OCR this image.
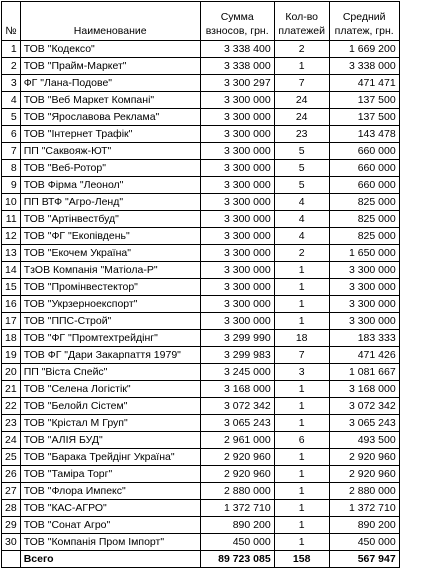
№	Наименование	Сумма взносов, грн.	Кол-во платежей	Средний платеж, грн.
1	ТОВ "Кодексо"	3 338 400	2	1 669 200
2	ТОВ "Прайм-Маркет"	3 338 000	1	3 338 000
3	ФГ "Лана-Подове"	3 300 297	7	471 471
4	ТОВ "Веб Маркет Компані"	3 300 000	24	137 500
5	ТОВ "Ярославова Реклама"	3 300 000	24	137 500
6	ТОВ "Інтернет Трафік"	3 300 000	23	143 478
7	ПП "Саквояж-ЮТ"	3 300 000	5	660 000
8	ТОВ "Веб-Ротор"	3 300 000	5	660 000
9	ТОВ Фірма "Леонол"	3 300 000	5	660 000
10	ПП ВТФ "Агро-Ленд"	3 300 000	4	825 000
11	ТОВ "Артінвестбуд"	3 300 000	4	825 000
12	ТОВ "ФГ "Екопівдень"	3 300 000	4	825 000
13	ТОВ "Екочем Україна"	3 300 000	2	1 650 000
14	ТзОВ Компанія "Матіола-Р"	3 300 000	1	3 300 000
15	ТОВ "Промінвестектор"	3 300 000	1	3 300 000
16	ТОВ "Укрзерноекспорт"	3 300 000	1	3 300 000
17	ТОВ "ППС-Строй"	3 300 000	1	3 300 000
18	ТОВ "ФГ "Промтехтрейдінг"	3 299 990	18	183 333
19	ТОВ ФГ "Дари Закарпаття 1979"	3 299 983	7	471 426
20	ПП "Віста Спейс"	3 245 000	3	1 081 667
21	ТОВ "Селена Логістік"	3 168 000	1	3 168 000
22	ТОВ "Белойл Сістем"	3 072 342	1	3 072 342
23	ТОВ "Крістал М Груп"	3 065 243	1	3 065 243
24	ТОВ "АЛІЯ БУД"	2 961 000	6	493 500
25	ТОВ "Барака Трейдінг Україна"	2 920 960	1	2 920 960
26	ТОВ "Таміра Торг"	2 920 960	1	2 920 960
27	ТОВ "Флора Импекс"	2 880 000	1	2 880 000
28	ТОВ "КАС-АГРО"	1 372 710	1	1 372 710
29	ТОВ "Сонат Агро"	890 200	1	890 200
30	ТОВ "Компанія Пром Імпорт"	450 000	1	450 000
	Всего	89 723 085	158	567 947
